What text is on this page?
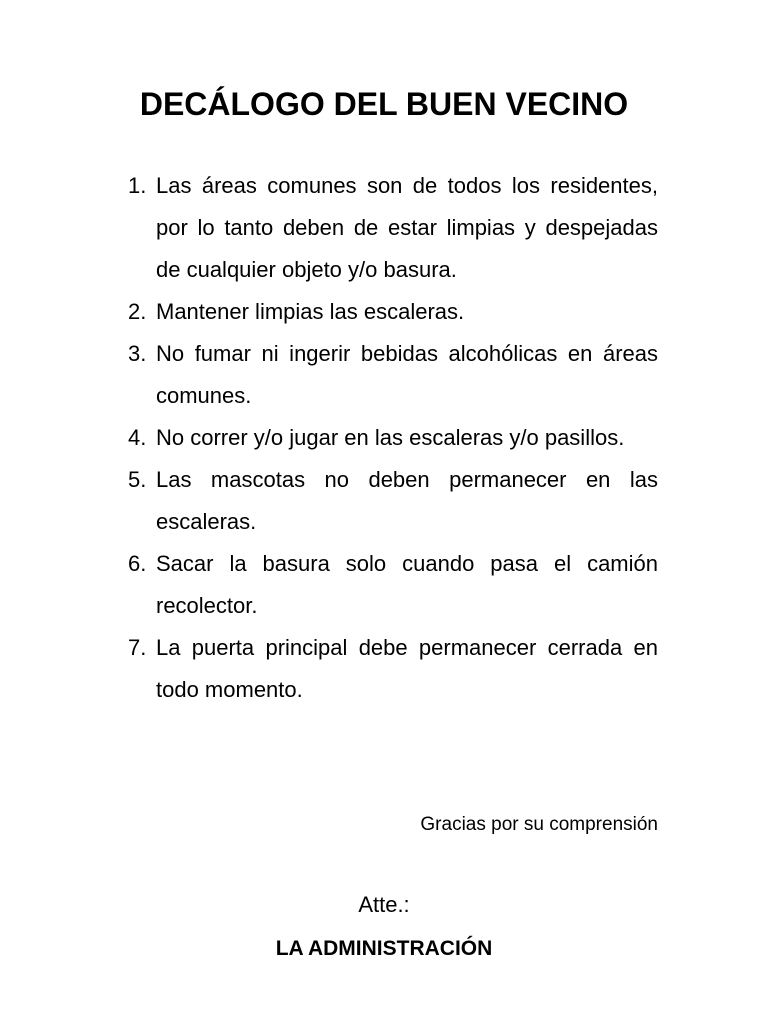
DECÁLOGO DEL BUEN VECINO
1. Las áreas comunes son de todos los residentes, por lo tanto deben de estar limpias y despejadas de cualquier objeto y/o basura.
2. Mantener limpias las escaleras.
3. No fumar ni ingerir bebidas alcohólicas en áreas comunes.
4. No correr y/o jugar en las escaleras y/o pasillos.
5. Las mascotas no deben permanecer en las escaleras.
6. Sacar la basura solo cuando pasa el camión recolector.
7. La puerta principal debe permanecer cerrada en todo momento.
Gracias por su comprensión
Atte.:
LA ADMINISTRACIÓN
